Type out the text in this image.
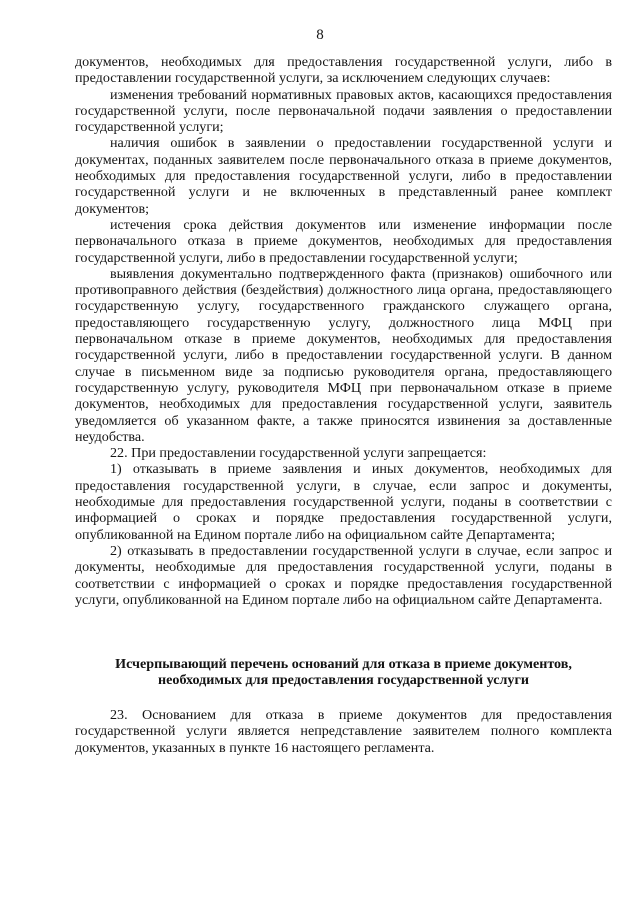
8

документов, необходимых для предоставления государственной услуги, либо в предоставлении государственной услуги, за исключением следующих случаев:

изменения требований нормативных правовых актов, касающихся предоставления государственной услуги, после первоначальной подачи заявления о предоставлении государственной услуги;

наличия ошибок в заявлении о предоставлении государственной услуги и документах, поданных заявителем после первоначального отказа в приеме документов, необходимых для предоставления государственной услуги, либо в предоставлении государственной услуги и не включенных в представленный ранее комплект документов;

истечения срока действия документов или изменение информации после первоначального отказа в приеме документов, необходимых для предоставления государственной услуги, либо в предоставлении государственной услуги;

выявления документально подтвержденного факта (признаков) ошибочного или противоправного действия (бездействия) должностного лица органа, предоставляющего государственную услугу, государственного гражданского служащего органа, предоставляющего государственную услугу, должностного лица МФЦ при первоначальном отказе в приеме документов, необходимых для предоставления государственной услуги, либо в предоставлении государственной услуги. В данном случае в письменном виде за подписью руководителя органа, предоставляющего государственную услугу, руководителя МФЦ при первоначальном отказе в приеме документов, необходимых для предоставления государственной услуги, заявитель уведомляется об указанном факте, а также приносятся извинения за доставленные неудобства.

22. При предоставлении государственной услуги запрещается:

1) отказывать в приеме заявления и иных документов, необходимых для предоставления государственной услуги, в случае, если запрос и документы, необходимые для предоставления государственной услуги, поданы в соответствии с информацией о сроках и порядке предоставления государственной услуги, опубликованной на Едином портале либо на официальном сайте Департамента;

2) отказывать в предоставлении государственной услуги в случае, если запрос и документы, необходимые для предоставления государственной услуги, поданы в соответствии с информацией о сроках и порядке предоставления государственной услуги, опубликованной на Едином портале либо на официальном сайте Департамента.

Исчерпывающий перечень оснований для отказа в приеме документов,
необходимых для предоставления государственной услуги

23. Основанием для отказа в приеме документов для предоставления государственной услуги является непредставление заявителем полного комплекта документов, указанных в пункте 16 настоящего регламента.
